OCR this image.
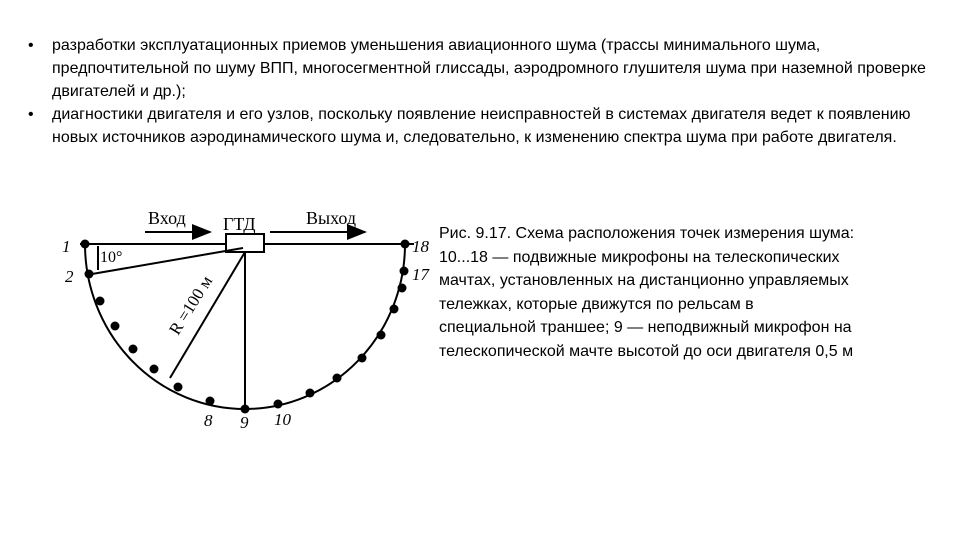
• разработки эксплуатационных приемов уменьшения авиационного шума (трассы минимального шума, предпочтительной по шуму ВПП, многосегментной глиссады, аэродромного глушителя шума при наземной проверке двигателей и др.);
• диагностики двигателя и его узлов, поскольку появление неисправностей в системах двигателя ведет к появлению новых источников аэродинамического шума и, следовательно, к изменению спектра шума при работе двигателя.
Вход	Выход
ГТД
10°
R =100 м
1
2
8 9 10
17
18
Рис. 9.17. Схема расположения точек измерения шума:
10...18 — подвижные микрофоны на телескопических
мачтах, установленных на дистанционно управляемых
тележках, которые движутся по рельсам в
специальной траншее; 9 — неподвижный микрофон на
телескопической мачте высотой до оси двигателя 0,5 м
